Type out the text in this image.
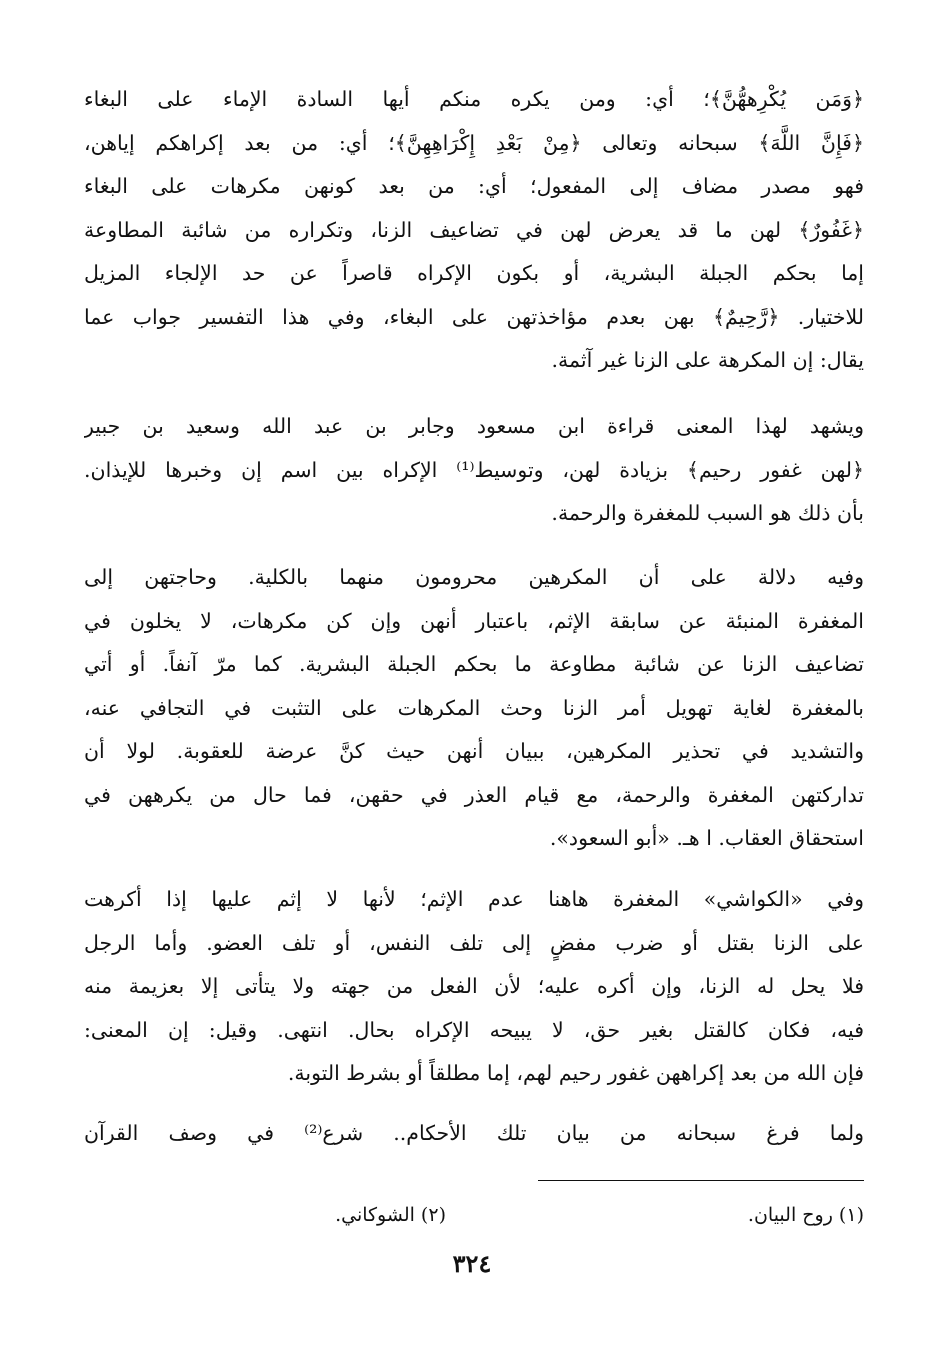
﴿وَمَن يُكْرِههُّنَّ﴾؛ أي: ومن يكره منكم أيها السادة الإماء على البغاء
﴿فَإِنَّ اللَّهَ﴾ سبحانه وتعالى ﴿مِنْ بَعْدِ إِكْرَاهِهِنَّ﴾؛ أي: من بعد إكراهكم إياهن،
فهو مصدر مضاف إلى المفعول؛ أي: من بعد كونهن مكرهات على البغاء
﴿غَفُورٌ﴾ لهن ما قد يعرض لهن في تضاعيف الزنا، وتكراره من شائبة المطاوعة
إما بحكم الجبلة البشرية، أو بكون الإكراه قاصراً عن حد الإلجاء المزيل
للاختيار. ﴿رَّحِيمٌ﴾ بهن بعدم مؤاخذتهن على البغاء، وفي هذا التفسير جواب عما
يقال: إن المكرهة على الزنا غير آثمة.
ويشهد لهذا المعنى قراءة ابن مسعود وجابر بن عبد الله وسعيد بن جبير
﴿لهن غفور رحيم﴾ بزيادة لهن، وتوسيط⁽¹⁾ الإكراه بين اسم إن وخبرها للإيذان.
بأن ذلك هو السبب للمغفرة والرحمة.
وفيه دلالة على أن المكرهين محرومون منهما بالكلية. وحاجتهن إلى
المغفرة المنبئة عن سابقة الإثم، باعتبار أنهن وإن كن مكرهات، لا يخلون في
تضاعيف الزنا عن شائبة مطاوعة ما بحكم الجبلة البشرية. كما مرّ آنفاً. أو أتي
بالمغفرة لغاية تهويل أمر الزنا وحث المكرهات على التثبت في التجافي عنه،
والتشديد في تحذير المكرهين، ببيان أنهن حيث كنَّ عرضة للعقوبة. لولا أن
تداركتهن المغفرة والرحمة، مع قيام العذر في حقهن، فما حال من يكرههن في
استحقاق العقاب. ا هـ. «أبو السعود».
وفي «الكواشي» المغفرة هاهنا عدم الإثم؛ لأنها لا إثم عليها إذا أكرهت
على الزنا بقتل أو ضرب مفضٍ إلى تلف النفس، أو تلف العضو. وأما الرجل
فلا يحل له الزنا، وإن أكره عليه؛ لأن الفعل من جهته ولا يتأتى إلا بعزيمة منه
فيه، فكان كالقتل بغير حق، لا يبيحه الإكراه بحال. انتهى. وقيل: إن المعنى:
فإن الله من بعد إكراههن غفور رحيم لهم، إما مطلقاً أو بشرط التوبة.
ولما فرغ سبحانه من بيان تلك الأحكام.. شرع⁽²⁾ في وصف القرآن
(١) روح البيان.
(٢) الشوكاني.
٣٢٤
